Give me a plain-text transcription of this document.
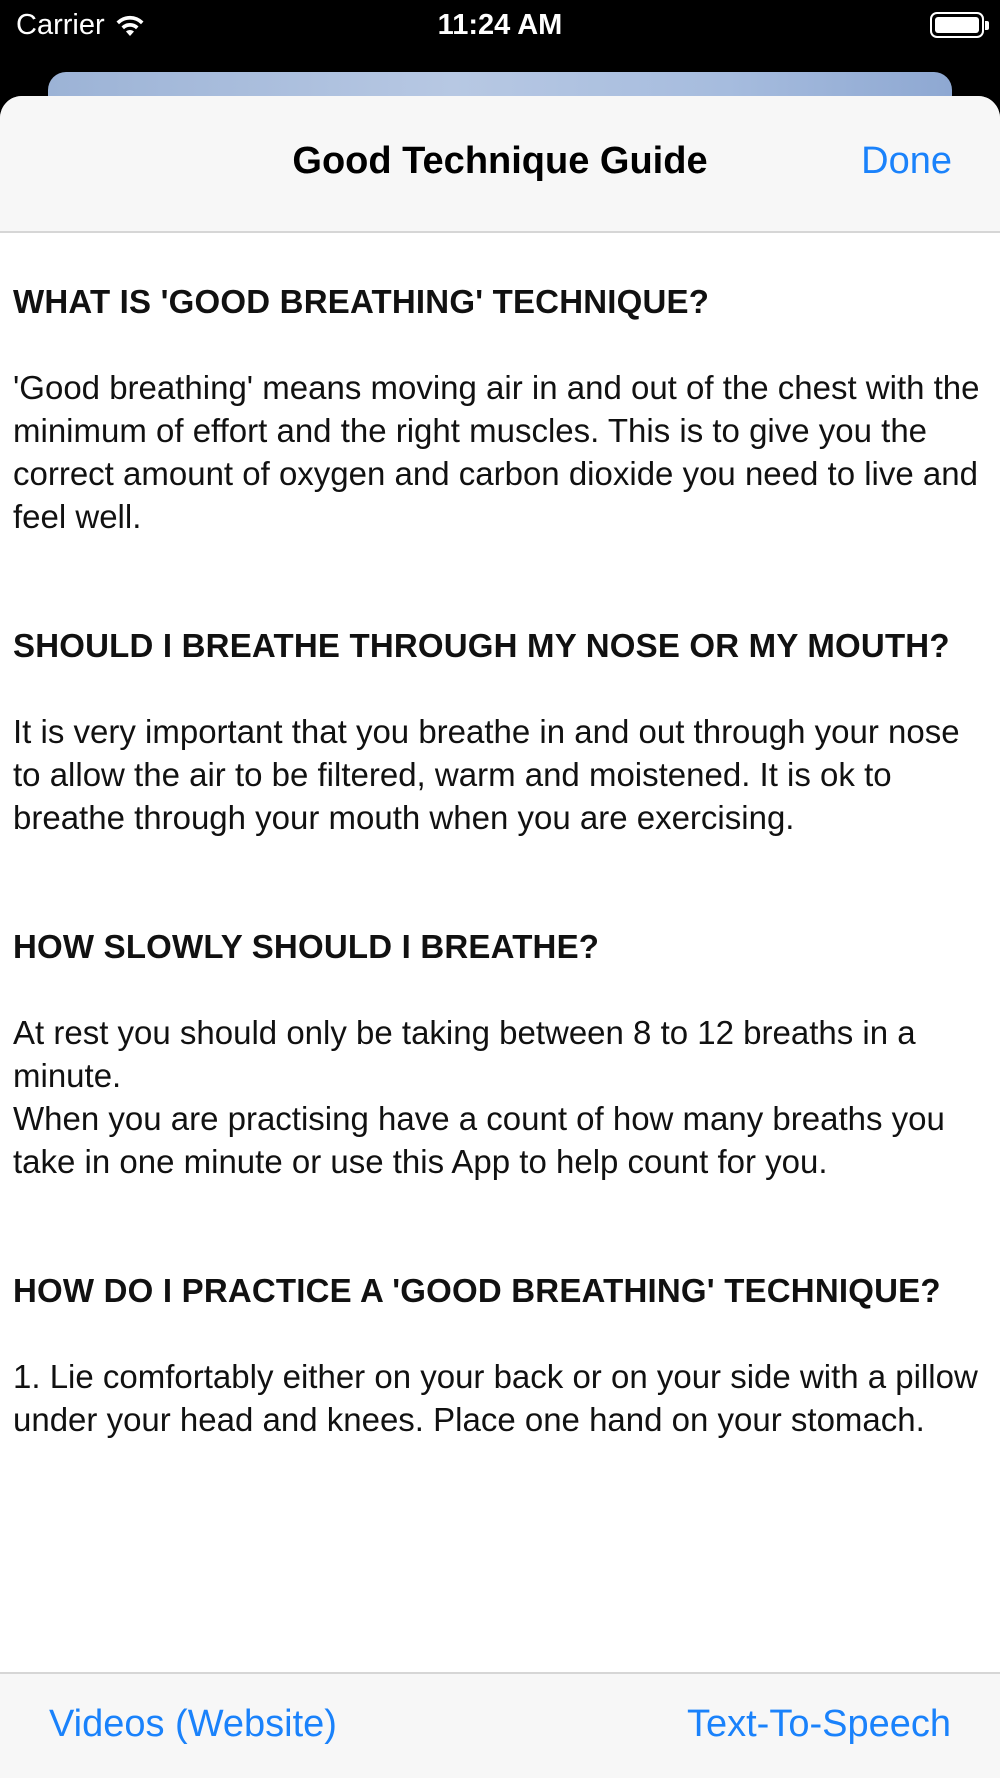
Carrier	11:24 AM
Good Technique Guide	Done
WHAT IS 'GOOD BREATHING' TECHNIQUE?

'Good breathing' means moving air in and out of the chest with the minimum of effort and the right muscles. This is to give you the correct amount of oxygen and carbon dioxide you need to live and feel well.

SHOULD I BREATHE THROUGH MY NOSE OR MY MOUTH?

It is very important that you breathe in and out through your nose to allow the air to be filtered, warm and moistened. It is ok to breathe through your mouth when you are exercising.

HOW SLOWLY SHOULD I BREATHE?

At rest you should only be taking between 8 to 12 breaths in a minute.

When you are practising have a count of how many breaths you take in one minute or use this App to help count for you.

HOW DO I PRACTICE A 'GOOD BREATHING' TECHNIQUE?

1. Lie comfortably either on your back or on your side with a pillow under your head and knees. Place one hand on your stomach.

Videos (Website)	Text-To-Speech
